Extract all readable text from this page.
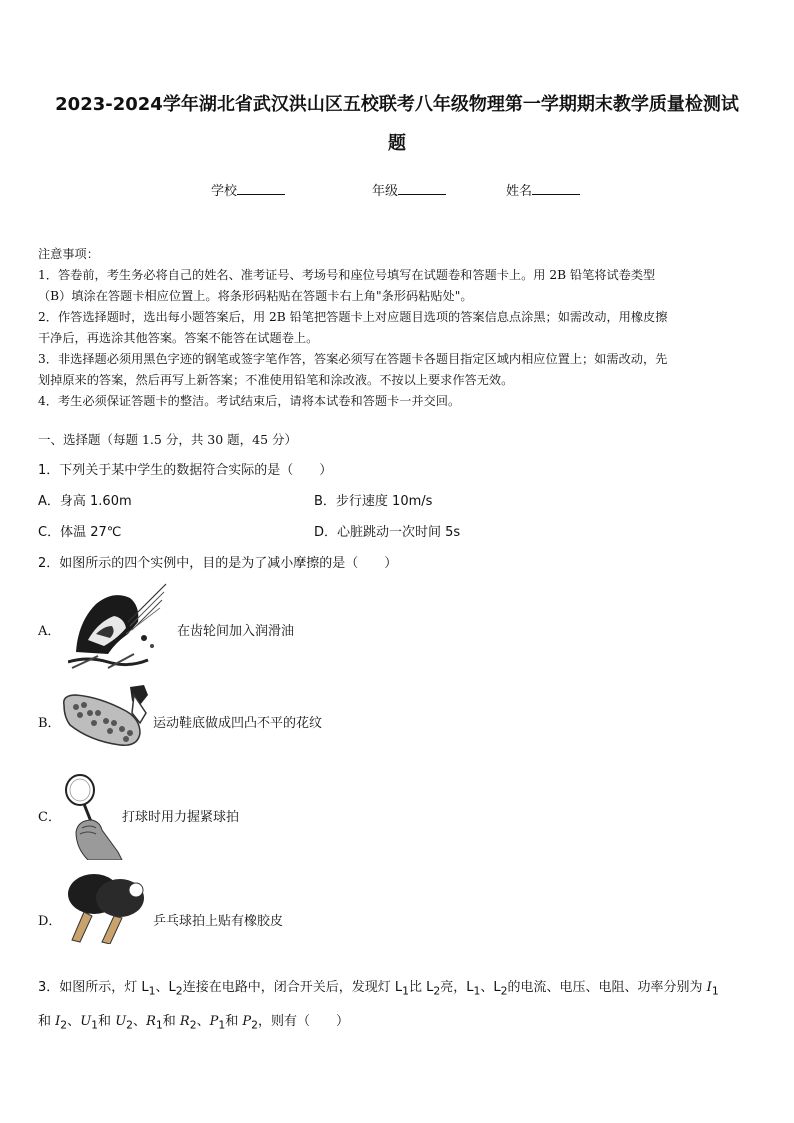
2023-2024学年湖北省武汉洪山区五校联考八年级物理第一学期期末教学质量检测试
题
学校	年级	姓名
注意事项：
1．答卷前，考生务必将自己的姓名、准考证号、考场号和座位号填写在试题卷和答题卡上。用 2B 铅笔将试卷类型
（B）填涂在答题卡相应位置上。将条形码粘贴在答题卡右上角"条形码粘贴处"。
2．作答选择题时，选出每小题答案后，用 2B 铅笔把答题卡上对应题目选项的答案信息点涂黑；如需改动，用橡皮擦
干净后，再选涂其他答案。答案不能答在试题卷上。
3．非选择题必须用黑色字迹的钢笔或签字笔作答，答案必须写在答题卡各题目指定区域内相应位置上；如需改动，先
划掉原来的答案，然后再写上新答案；不准使用铅笔和涂改液。不按以上要求作答无效。
4．考生必须保证答题卡的整洁。考试结束后，请将本试卷和答题卡一并交回。
一、选择题（每题 1.5 分，共 30 题，45 分）
1．下列关于某中学生的数据符合实际的是（　　）
A．身高 1.60m	B．步行速度 10m/s
C．体温 27℃	D．心脏跳动一次时间 5s
2．如图所示的四个实例中，目的是为了减小摩擦的是（　　）
A．	在齿轮间加入润滑油
B．	运动鞋底做成凹凸不平的花纹
C．	打球时用力握紧球拍
D．	乒乓球拍上贴有橡胶皮
3．如图所示，灯 $L_1$、$L_2$连接在电路中，闭合开关后，发现灯 $L_1$比 $L_2$亮，$L_1$、$L_2$的电流、电压、电阻、功率分别为 $I_1$
和 $I_2$、$U_1$和 $U_2$、$R_1$和 $R_2$、$P_1$和 $P_2$，则有（　　）
